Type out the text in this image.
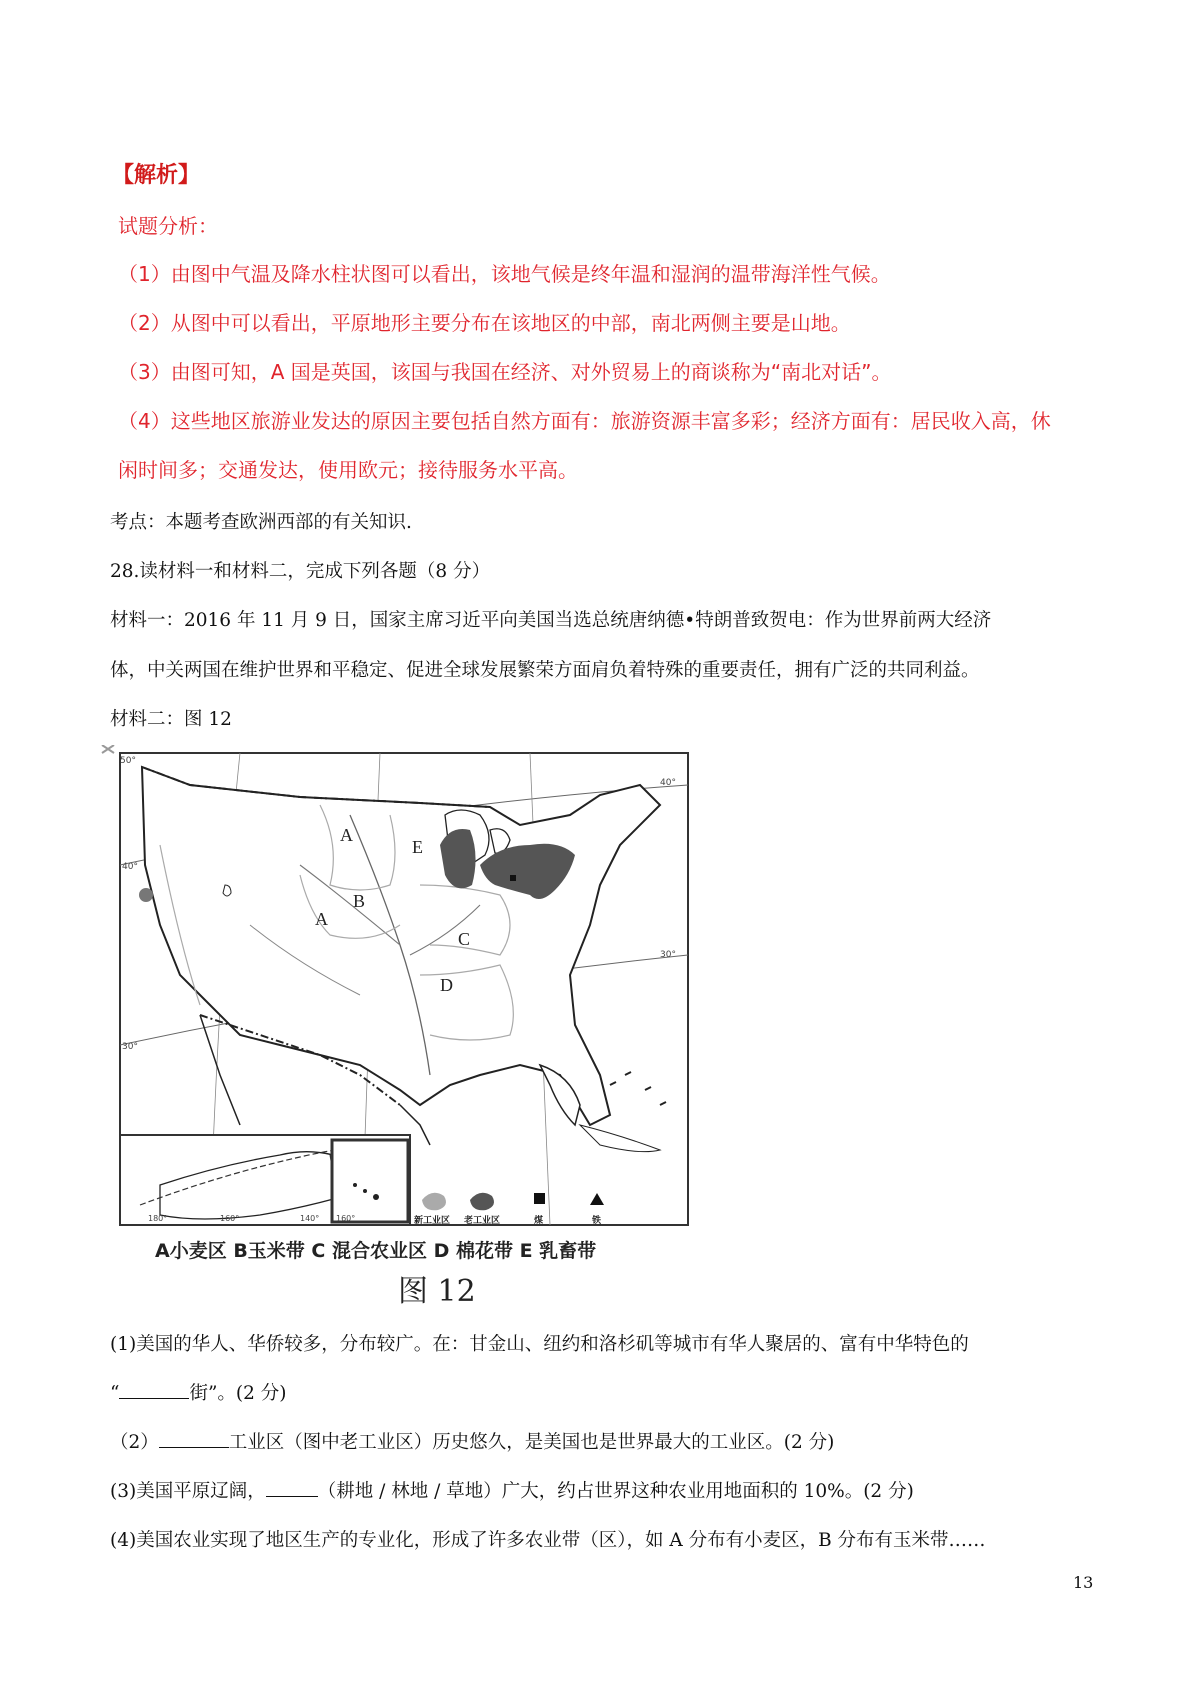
【解析】
试题分析：
（1）由图中气温及降水柱状图可以看出，该地气候是终年温和湿润的温带海洋性气候。
（2）从图中可以看出，平原地形主要分布在该地区的中部，南北两侧主要是山地。
（3）由图可知，A 国是英国，该国与我国在经济、对外贸易上的商谈称为“南北对话”。
（4）这些地区旅游业发达的原因主要包括自然方面有：旅游资源丰富多彩；经济方面有：居民收入高，休
闲时间多；交通发达，使用欧元；接待服务水平高。
考点：本题考查欧洲西部的有关知识.
28.读材料一和材料二，完成下列各题（8 分）
材料一：2016 年 11 月 9 日，国家主席习近平向美国当选总统唐纳德•特朗普致贺电：作为世界前两大经济
体，中关两国在维护世界和平稳定、促进全球发展繁荣方面肩负着特殊的重要责任，拥有广泛的共同利益。
材料二：图 12
A
E
B
A
C
D
50°
40°
40°
30°
30°
180°	160°	140° 160°	新工业区 老工业区	煤	铁
A小麦区 B玉米带 C 混合农业区 D 棉花带 E 乳畜带
图 12
(1)美国的华人、华侨较多，分布较广。在：甘金山、纽约和洛杉矶等城市有华人聚居的、富有中华特色的
“	街”。(2 分)
（2）	工业区（图中老工业区）历史悠久，是美国也是世界最大的工业区。(2 分)
(3)美国平原辽阔，	（耕地 / 林地 / 草地）广大，约占世界这种农业用地面积的 10%。(2 分)
(4)美国农业实现了地区生产的专业化，形成了许多农业带（区），如 A 分布有小麦区，B 分布有玉米带……
13
